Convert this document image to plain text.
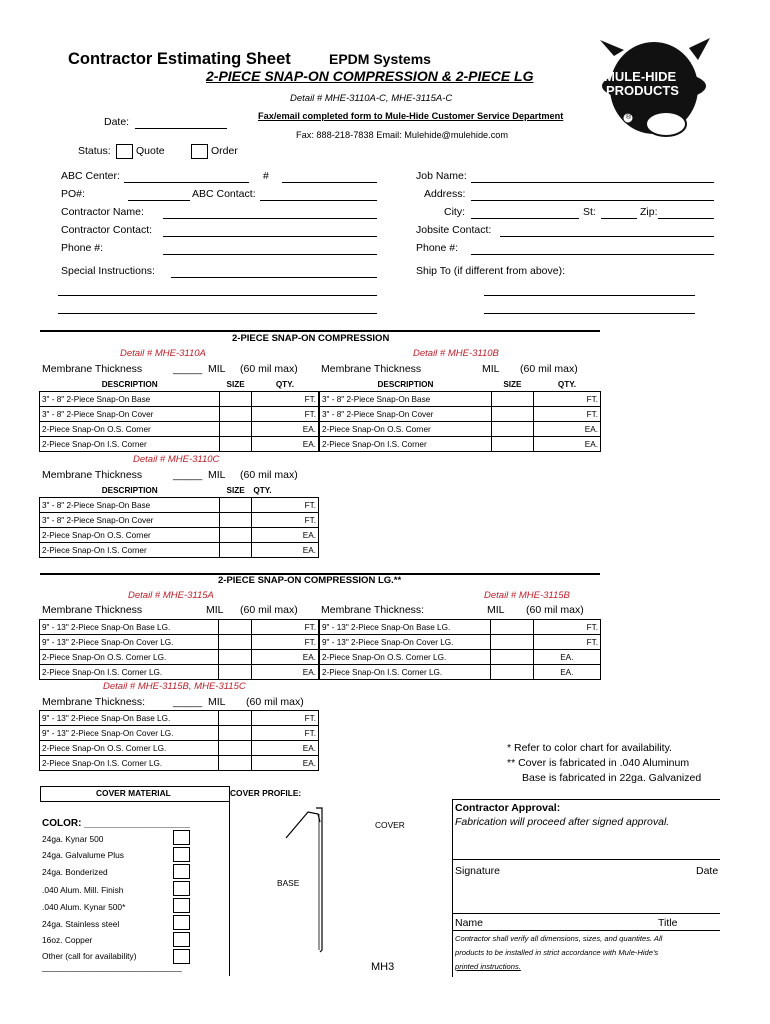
Contractor Estimating Sheet	EPDM Systems
2-PIECE SNAP-ON COMPRESSION & 2-PIECE LG
Detail # MHE-3110A-C, MHE-3115A-C
Fax/email completed form to Mule-Hide Customer Service Department
Fax: 888-218-7838 Email: Mulehide@mulehide.com
MULE-HIDE
PRODUCTS
®
Date:
Status: Quote	Order
ABC Center:	#
PO#:	ABC Contact:
Contractor Name:
Contractor Contact:
Phone #:
Special Instructions:
Job Name:
Address:
City:	St:	Zip:
Jobsite Contact:
Phone #:
Ship To (if different from above):
2-PIECE SNAP-ON COMPRESSION
Detail # MHE-3110A	Detail # MHE-3110B
Membrane Thickness	_____ MIL (60 mil max) Membrane Thickness	MIL (60 mil max)
DESCRIPTION	SIZE	QTY.
3" - 8" 2-Piece Snap-On Base		FT.
3" - 8" 2-Piece Snap-On Cover		FT.
2-Piece Snap-On O.S. Corner		EA.
2-Piece Snap-On I.S. Corner		EA.
DESCRIPTION	SIZE	QTY.
3" - 8" 2-Piece Snap-On Base		FT.
3" - 8" 2-Piece Snap-On Cover		FT.
2-Piece Snap-On O.S. Corner		EA.
2-Piece Snap-On I.S. Corner		EA.
Detail # MHE-3110C
Membrane Thickness	_____ MIL (60 mil max)
DESCRIPTION	SIZE	QTY.
3" - 8" 2-Piece Snap-On Base		FT.
3" - 8" 2-Piece Snap-On Cover		FT.
2-Piece Snap-On O.S. Corner		EA.
2-Piece Snap-On I.S. Corner		EA.
2-PIECE SNAP-ON COMPRESSION LG.**
Detail # MHE-3115A	Detail # MHE-3115B
Membrane Thickness	MIL (60 mil max) Membrane Thickness:	MIL (60 mil max)
9" - 13" 2-Piece Snap-On Base LG.		FT.
9" - 13" 2-Piece Snap-On Cover LG.		FT.
2-Piece Snap-On O.S. Corner LG.		EA.
2-Piece Snap-On I.S. Corner LG.		EA.
9" - 13" 2-Piece Snap-On Base LG.		FT.
9" - 13" 2-Piece Snap-On Cover LG.		FT.
2-Piece Snap-On O.S. Corner LG.		EA.
2-Piece Snap-On I.S. Corner LG.		EA.
Detail # MHE-3115B, MHE-3115C
Membrane Thickness:	_____ MIL (60 mil max)
9" - 13" 2-Piece Snap-On Base LG.		FT.
9" - 13" 2-Piece Snap-On Cover LG.		FT.
2-Piece Snap-On O.S. Corner LG.		EA.
2-Piece Snap-On I.S. Corner LG.		EA.
* Refer to color chart for availability.
** Cover is fabricated in .040 Aluminum
Base is fabricated in 22ga. Galvanized
COVER MATERIAL
COLOR: ___________________
COVER PROFILE:
24ga. Kynar 500
24ga. Galvalume Plus
24ga. Bonderized
.040 Alum. Mill. Finish
.040 Alum. Kynar 500*
24ga. Stainless steel
16oz. Copper
Other (call for availability)
______________________________
COVER
BASE
MH3
Contractor Approval:
Fabrication will proceed after signed approval.
Signature	Date
Name	Title
Contractor shall verify all dimensions, sizes, and quantites. All
products to be installed in strict accordance with Mule-Hide's
printed instructions.
